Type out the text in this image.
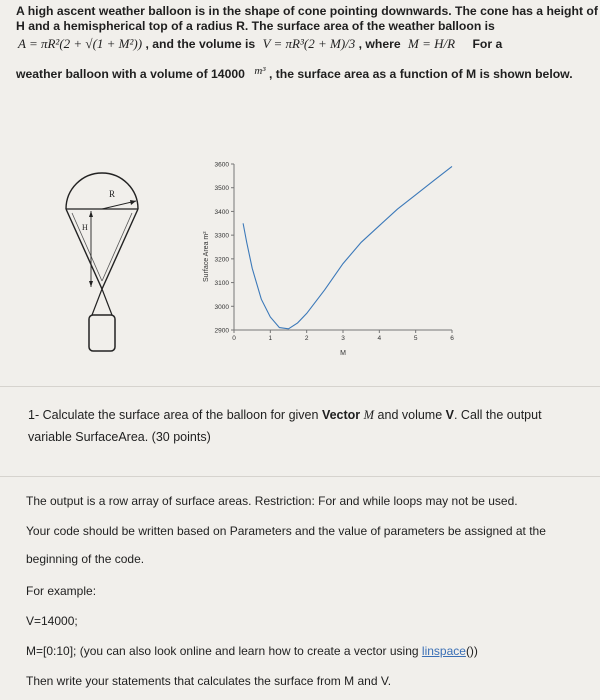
A high ascent weather balloon is in the shape of cone pointing downwards. The cone has a height of
H and a hemispherical top of a radius R. The surface area of the weather balloon is
A = πR²(2 + √(1 + M²)) , and the volume is V = πR³(2 + M)/3 , where M = H/R For a
weather balloon with a volume of 14000 m³ , the surface area as a function of M is shown below.
R
H
Surface Area m²
M
2900
3000
3100
3200
3300
3400
3500
3600
0	1	2	3	4	5	6
1- Calculate the surface area of the balloon for given Vector M and volume V. Call the output
variable SurfaceArea. (30 points)
The output is a row array of surface areas. Restriction: For and while loops may not be used.
Your code should be written based on Parameters and the value of parameters be assigned at the
beginning of the code.
For example:
V=14000;
M=[0:10]; (you can also look online and learn how to create a vector using linspace())
Then write your statements that calculates the surface from M and V.
